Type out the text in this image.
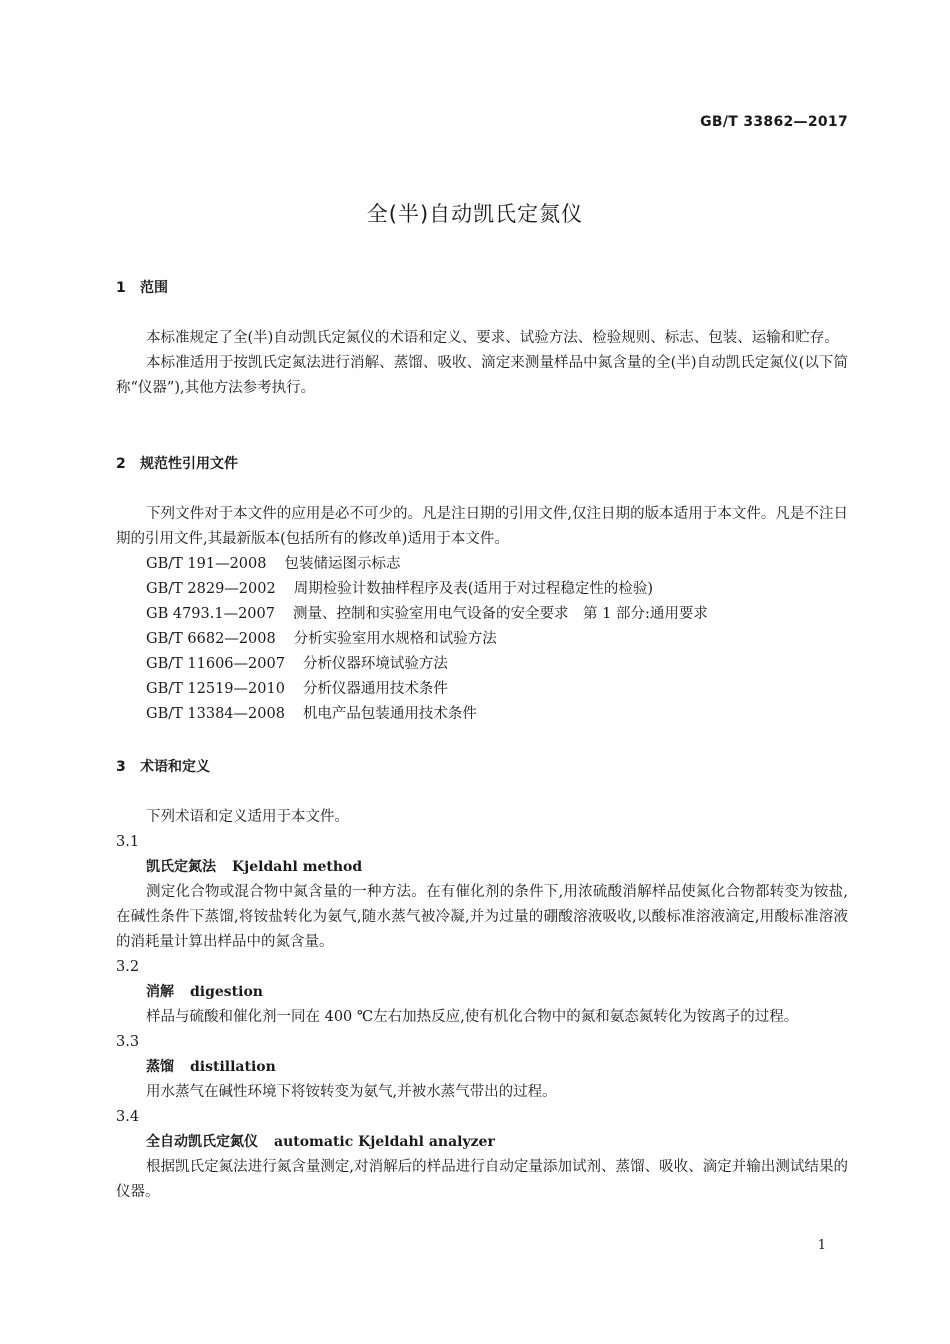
GB/T 33862—2017
全(半)自动凯氏定氮仪
1 范围

本标准规定了全(半)自动凯氏定氮仪的术语和定义、要求、试验方法、检验规则、标志、包装、运输和贮存。

本标准适用于按凯氏定氮法进行消解、蒸馏、吸收、滴定来测量样品中氮含量的全(半)自动凯氏定氮仪(以下简称“仪器”),其他方法参考执行。

2 规范性引用文件

下列文件对于本文件的应用是必不可少的。凡是注日期的引用文件,仅注日期的版本适用于本文件。凡是不注日期的引用文件,其最新版本(包括所有的修改单)适用于本文件。

GB/T 191—2008 包装储运图示标志

GB/T 2829—2002 周期检验计数抽样程序及表(适用于对过程稳定性的检验)

GB 4793.1—2007 测量、控制和实验室用电气设备的安全要求　第 1 部分:通用要求

GB/T 6682—2008 分析实验室用水规格和试验方法

GB/T 11606—2007 分析仪器环境试验方法

GB/T 12519—2010 分析仪器通用技术条件

GB/T 13384—2008 机电产品包装通用技术条件

3 术语和定义

下列术语和定义适用于本文件。

3.1

凯氏定氮法 Kjeldahl method

测定化合物或混合物中氮含量的一种方法。在有催化剂的条件下,用浓硫酸消解样品使氮化合物都转变为铵盐,在碱性条件下蒸馏,将铵盐转化为氨气,随水蒸气被冷凝,并为过量的硼酸溶液吸收,以酸标准溶液滴定,用酸标准溶液的消耗量计算出样品中的氮含量。

3.2

消解 digestion

样品与硫酸和催化剂一同在 400 ℃左右加热反应,使有机化合物中的氮和氨态氮转化为铵离子的过程。

3.3

蒸馏 distillation

用水蒸气在碱性环境下将铵转变为氨气,并被水蒸气带出的过程。

3.4

全自动凯氏定氮仪 automatic Kjeldahl analyzer

根据凯氏定氮法进行氮含量测定,对消解后的样品进行自动定量添加试剂、蒸馏、吸收、滴定并输出测试结果的仪器。

1
